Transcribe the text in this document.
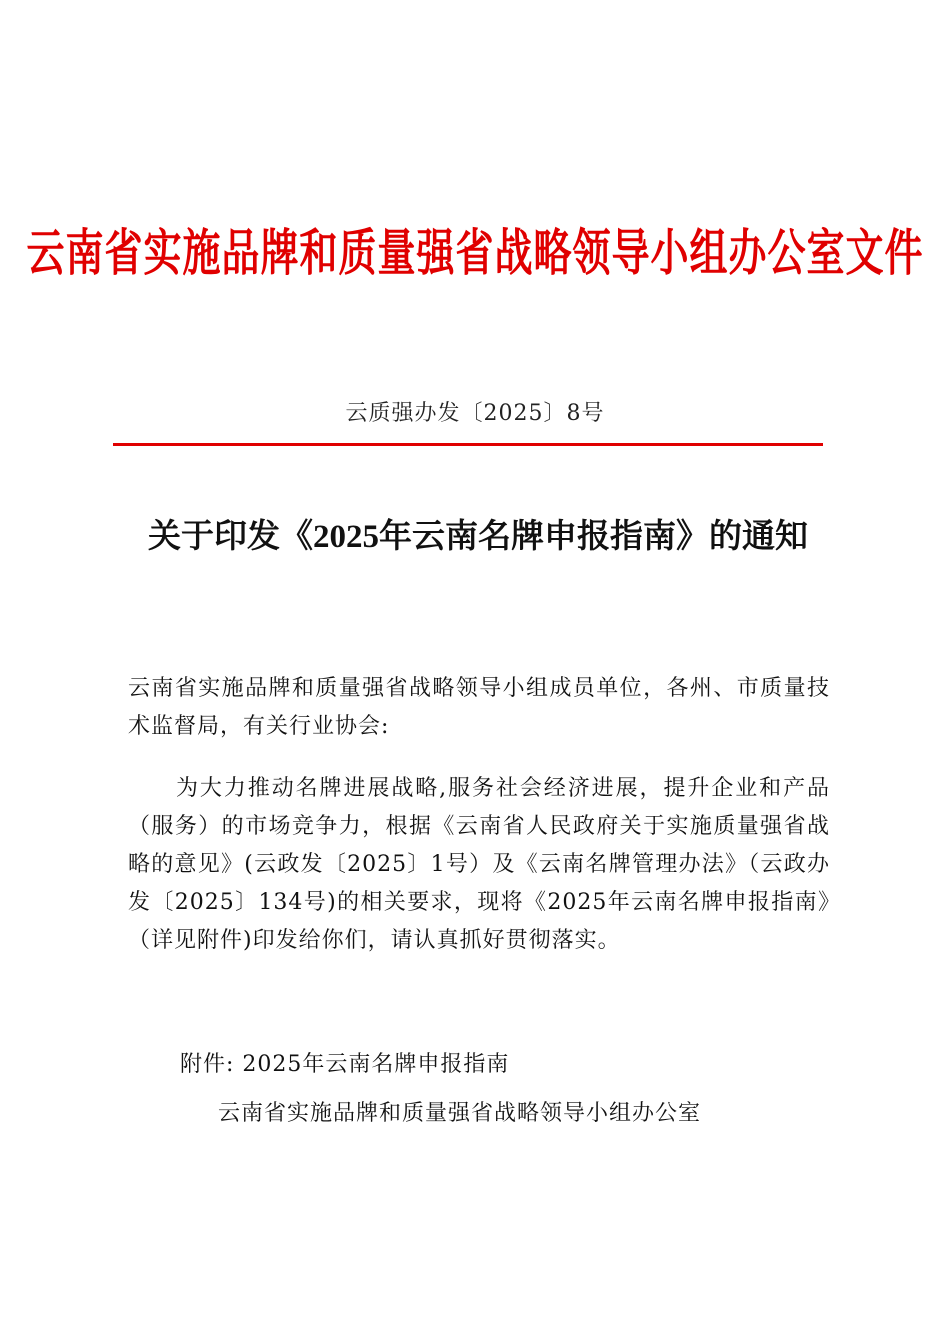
云南省实施品牌和质量强省战略领导小组办公室文件
云质强办发〔2025〕8号
关于印发《2025年云南名牌申报指南》的通知
云南省实施品牌和质量强省战略领导小组成员单位，各州、市质量技术监督局，有关行业协会:
为大力推动名牌进展战略,服务社会经济进展，提升企业和产品（服务）的市场竞争力，根据《云南省人民政府关于实施质量强省战略的意见》(云政发〔2025〕1号）及《云南名牌管理办法》（云政办发〔2025〕134号)的相关要求，现将《2025年云南名牌申报指南》（详见附件)印发给你们，请认真抓好贯彻落实。
附件: 2025年云南名牌申报指南
云南省实施品牌和质量强省战略领导小组办公室
